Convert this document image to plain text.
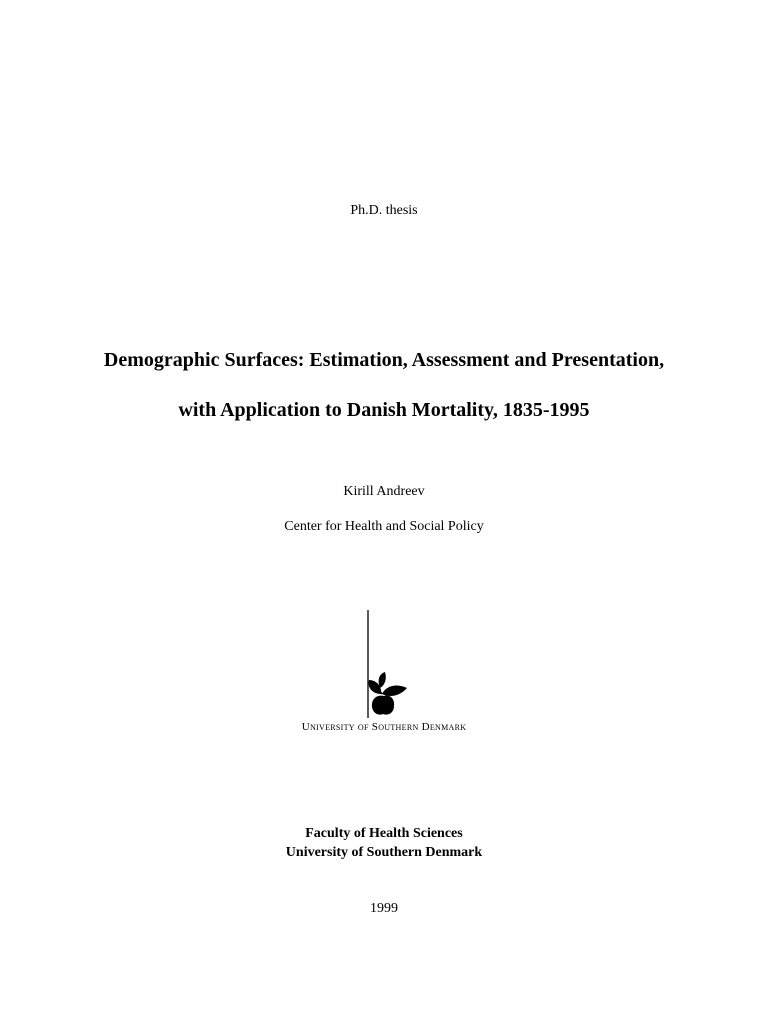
Ph.D. thesis
Demographic Surfaces: Estimation, Assessment and Presentation,
with Application to Danish Mortality, 1835-1995
Kirill Andreev
Center for Health and Social Policy
University of Southern Denmark
Faculty of Health Sciences
University of Southern Denmark
1999
